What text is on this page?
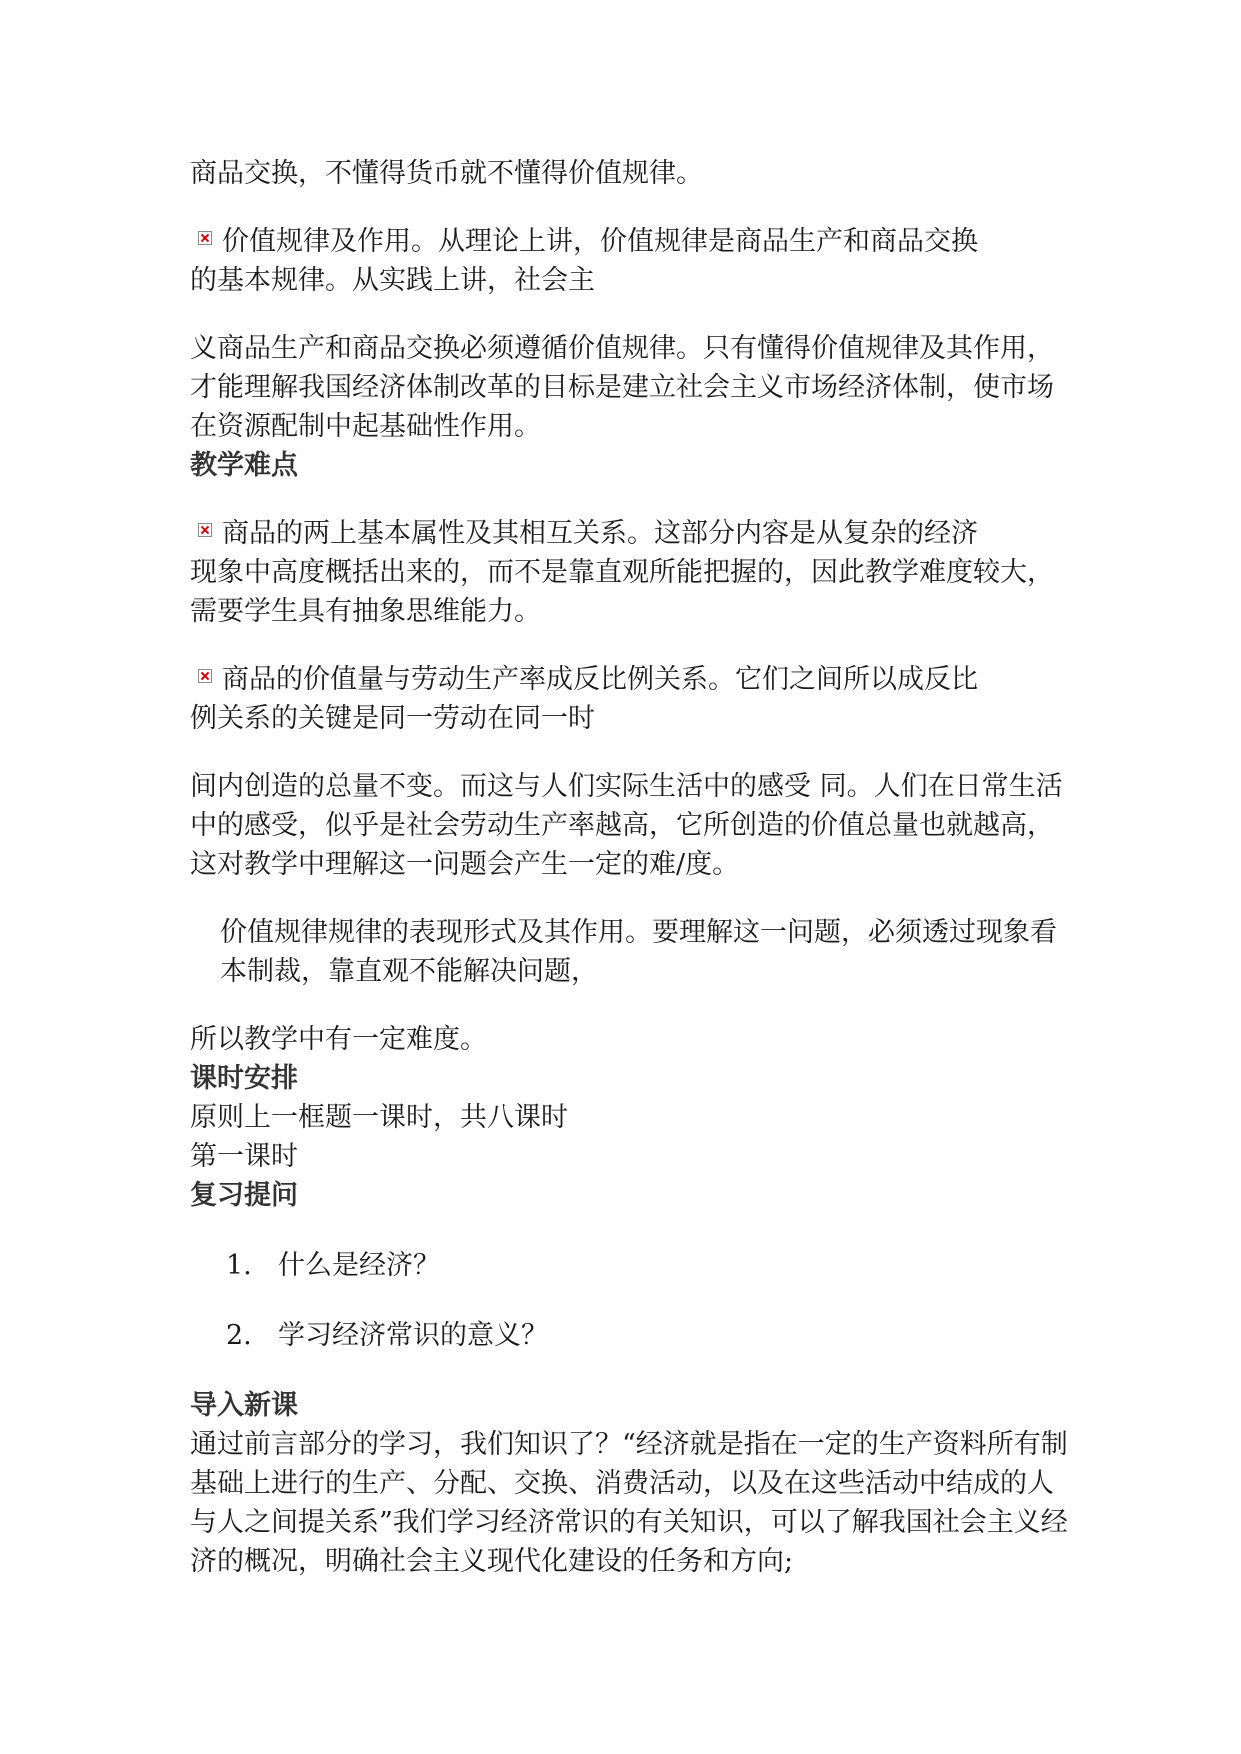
商品交换，不懂得货币就不懂得价值规律。

价值规律及作用。从理论上讲，价值规律是商品生产和商品交换
的基本规律。从实践上讲，社会主

义商品生产和商品交换必须遵循价值规律。只有懂得价值规律及其作用，才能理解我国经济体制改革的目标是建立社会主义市场经济体制，使市场在资源配制中起基础性作用。

教学难点

商品的两上基本属性及其相互关系。这部分内容是从复杂的经济
现象中高度概括出来的，而不是靠直观所能把握的，因此教学难度较大，需要学生具有抽象思维能力。

商品的价值量与劳动生产率成反比例关系。它们之间所以成反比
例关系的关键是同一劳动在同一时

间内创造的总量不变。而这与人们实际生活中的感受 同。人们在日常生活中的感受，似乎是社会劳动生产率越高，它所创造的价值总量也就越高，这对教学中理解这一问题会产生一定的难/度。

价值规律规律的表现形式及其作用。要理解这一问题，必须透过现象看本制裁，靠直观不能解决问题，

所以教学中有一定难度。

课时安排

原则上一框题一课时，共八课时

第一课时

复习提问

1. 什么是经济？

2. 学习经济常识的意义？

导入新课

通过前言部分的学习，我们知识了？“经济就是指在一定的生产资料所有制基础上进行的生产、分配、交换、消费活动，以及在这些活动中结成的人与人之间提关系”我们学习经济常识的有关知识，可以了解我国社会主义经济的概况，明确社会主义现代化建设的任务和方向;
